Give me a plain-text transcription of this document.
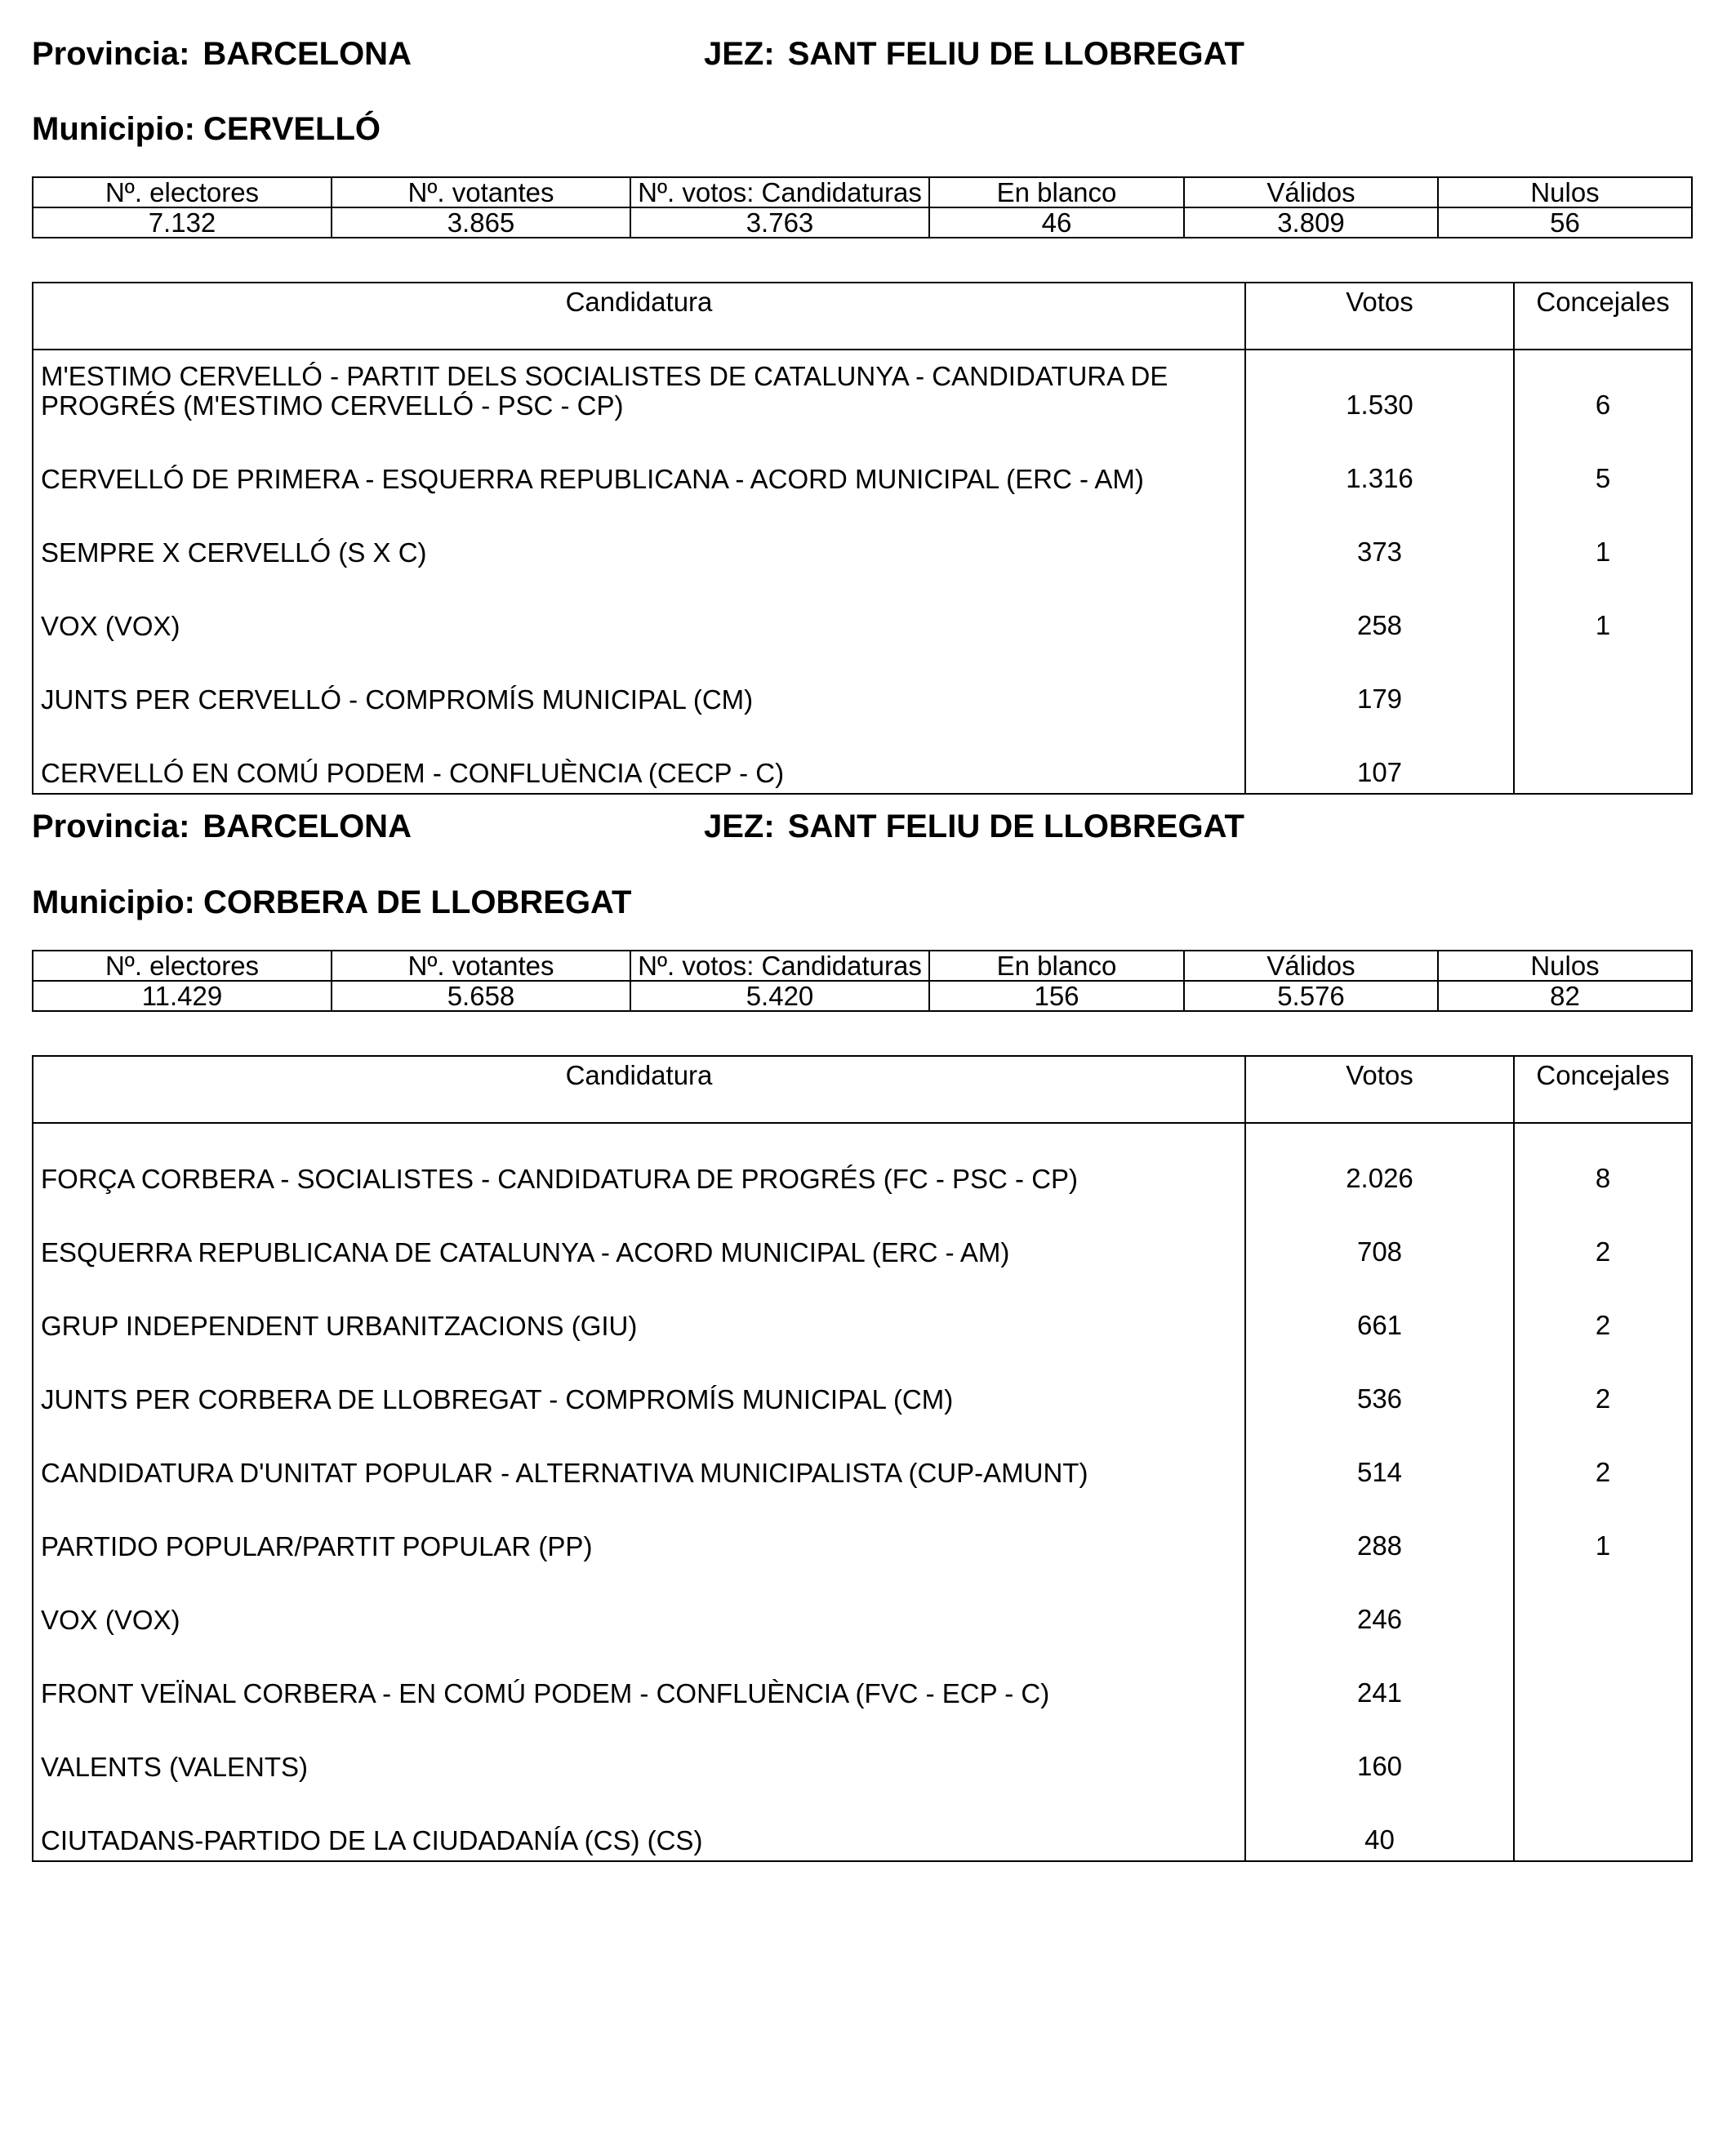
Provincia: BARCELONA	JEZ: SANT FELIU DE LLOBREGAT
Municipio: CERVELLÓ
Nº. electores	Nº. votantes	Nº. votos: Candidaturas	En blanco	Válidos	Nulos
7.132	3.865	3.763	46	3.809	56
Candidatura	Votos	Concejales
M'ESTIMO CERVELLÓ - PARTIT DELS SOCIALISTES DE CATALUNYA - CANDIDATURA DE PROGRÉS (M'ESTIMO CERVELLÓ - PSC - CP)	1.530	6
CERVELLÓ DE PRIMERA - ESQUERRA REPUBLICANA - ACORD MUNICIPAL (ERC - AM)	1.316	5
SEMPRE X CERVELLÓ (S X C)	373	1
VOX (VOX)	258	1
JUNTS PER CERVELLÓ - COMPROMÍS MUNICIPAL (CM)	179	
CERVELLÓ EN COMÚ PODEM - CONFLUÈNCIA (CECP - C)	107	
Provincia: BARCELONA	JEZ: SANT FELIU DE LLOBREGAT
Municipio: CORBERA DE LLOBREGAT
Nº. electores	Nº. votantes	Nº. votos: Candidaturas	En blanco	Válidos	Nulos
11.429	5.658	5.420	156	5.576	82
Candidatura	Votos	Concejales
FORÇA CORBERA - SOCIALISTES - CANDIDATURA DE PROGRÉS (FC - PSC - CP)	2.026	8
ESQUERRA REPUBLICANA DE CATALUNYA - ACORD MUNICIPAL (ERC - AM)	708	2
GRUP INDEPENDENT URBANITZACIONS (GIU)	661	2
JUNTS PER CORBERA DE LLOBREGAT - COMPROMÍS MUNICIPAL (CM)	536	2
CANDIDATURA D'UNITAT POPULAR - ALTERNATIVA MUNICIPALISTA (CUP-AMUNT)	514	2
PARTIDO POPULAR/PARTIT POPULAR (PP)	288	1
VOX (VOX)	246	
FRONT VEÏNAL CORBERA - EN COMÚ PODEM - CONFLUÈNCIA (FVC - ECP - C)	241	
VALENTS (VALENTS)	160	
CIUTADANS-PARTIDO DE LA CIUDADANÍA (CS) (CS)	40	
